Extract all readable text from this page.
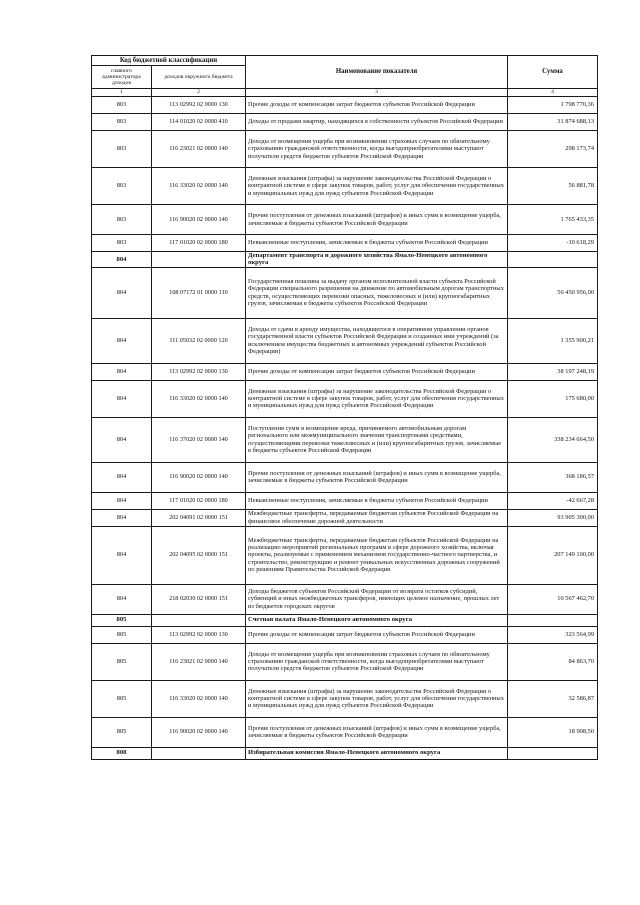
Код бюджетной классификации		Наименование показателя	Сумма
главного администратора доходов	доходов окружного бюджета		
1	2	3	4
803	113 02992 02 0000 130	Прочие доходы от компенсации затрат бюджетов субъектов Российской Федерации	1 798 770,36
803	114 01020 02 0000 410	Доходы от продажи квартир, находящихся в собственности субъектов Российской Федерации	31 874 688,13
803	116 23021 02 0000 140	Доходы от возмещения ущерба при возникновении страховых случаев по обязательному страхованию гражданской ответственности, когда выгодоприобретателями выступают получатели средств бюджетов субъектов Российской Федерации	298 173,74
803	116 33020 02 0000 140	Денежные взыскания (штрафы) за нарушение законодательства Российской Федерации о контрактной системе в сфере закупок товаров, работ, услуг для обеспечения государственных и муниципальных нужд для нужд субъектов Российской Федерации	56 881,78
803	116 90020 02 0000 140	Прочие поступления от денежных взысканий (штрафов) и иных сумм в возмещение ущерба, зачисляемые в бюджеты субъектов Российской Федерации	1 765 433,35
803	117 01020 02 0000 180	Невыясненные поступления, зачисляемые в бюджеты субъектов Российской Федерации	-10 618,29
804		Департамент транспорта и дорожного хозяйства Ямало-Ненецкого автономного округа	
804	108 07172 01 0000 110	Государственная пошлина за выдачу органом исполнительной власти субъекта Российской Федерации специального разрешения на движение по автомобильным дорогам транспортных средств, осуществляющих перевозки опасных, тяжеловесных и (или) крупногабаритных грузов, зачисляемая в бюджеты субъектов Российской Федерации	56 450 956,00
804	111 05032 02 0000 120	Доходы от сдачи в аренду имущества, находящегося в оперативном управлении органов государственной власти субъектов Российской Федерации и созданных ими учреждений (за исключением имущества бюджетных и автономных учреждений субъектов Российской Федерации)	1 355 900,21
804	113 02992 02 0000 130	Прочие доходы от компенсации затрат бюджетов субъектов Российской Федерации	38 197 248,19
804	116 33020 02 0000 140	Денежные взыскания (штрафы) за нарушение законодательства Российской Федерации о контрактной системе в сфере закупок товаров, работ, услуг для обеспечения государственных и муниципальных нужд для нужд субъектов Российской Федерации	175 680,00
804	116 37020 02 0000 140	Поступления сумм в возмещение вреда, причиняемого автомобильным дорогам регионального или межмуниципального значения транспортными средствами, осуществляющими перевозки тяжеловесных и (или) крупногабаритных грузов, зачисляемые в бюджеты субъектов Российской Федерации	338 234 664,50
804	116 90020 02 0000 140	Прочие поступления от денежных взысканий (штрафов) и иных сумм в возмещение ущерба, зачисляемые в бюджеты субъектов Российской Федерации	368 186,57
804	117 01020 02 0000 180	Невыясненные поступления, зачисляемые в бюджеты субъектов Российской Федерации	-42 667,28
804	202 04091 02 0000 151	Межбюджетные трансферты, передаваемые бюджетам субъектов Российской Федерации на финансовое обеспечение дорожной деятельности	93 905 300,00
804	202 04095 02 0000 151	Межбюджетные трансферты, передаваемые бюджетам субъектов Российской Федерации на реализацию мероприятий региональных программ в сфере дорожного хозяйства, включая проекты, реализуемые с применением механизмов государственно-частного партнерства, и строительство, реконструкцию и ремонт уникальных искусственных дорожных сооружений по решениям Правительства Российской Федерации	207 149 100,00
804	218 02030 02 0000 151	Доходы бюджетов субъектов Российской Федерации от возврата остатков субсидий, субвенций и иных межбюджетных трансферов, имеющих целевое назначение, прошлых лет из бюджетов городских округов	10 567 462,70
805		Счетная палата Ямало-Ненецкого автономного округа	
805	113 02992 02 0000 130	Прочие доходы от компенсации затрат бюджетов субъектов Российской Федерации	323 564,99
805	116 23021 02 0000 140	Доходы от возмещения ущерба при возникновении страховых случаев по обязательному страхованию гражданской ответственности, когда выгодоприобретателями выступают получатели средств бюджетов субъектов Российской Федерации	84 863,70
805	116 33020 02 0000 140	Денежные взыскания (штрафы) за нарушение законодательства Российской Федерации о контрактной системе в сфере закупок товаров, работ, услуг для обеспечения государственных и муниципальных нужд для нужд субъектов Российской Федерации	32 586,87
805	116 90020 02 0000 140	Прочие поступления от денежных взысканий (штрафов) и иных сумм в возмещение ущерба, зачисляемые в бюджеты субъектов Российской Федерации	18 908,50
808		Избирательная комиссия Ямало-Ненецкого автономного округа	
